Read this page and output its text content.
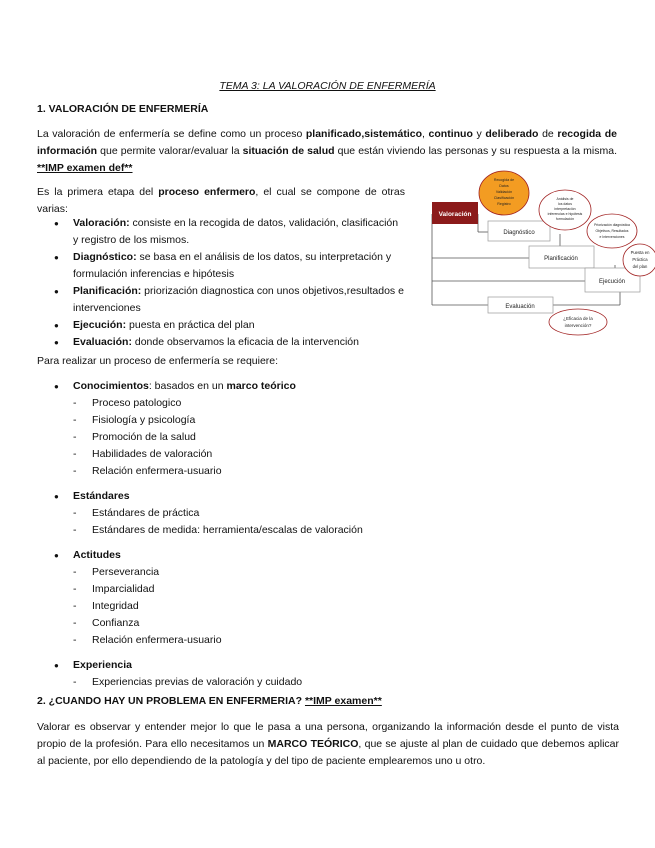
TEMA 3: LA VALORACIÓN DE ENFERMERÍA
1. VALORACIÓN DE ENFERMERÍA
La valoración de enfermería se define como un proceso planificado,sistemático, continuo y deliberado de recogida de información que permite valorar/evaluar la situación de salud que están viviendo las personas y su respuesta a la misma. **IMP examen def**
Es la primera etapa del proceso enfermero, el cual se compone de otras varias:
● Valoración: consiste en la recogida de datos, validación, clasificación y registro de los mismos.
● Diagnóstico: se basa en el análisis de los datos, su interpretación y formulación inferencias e hipótesis
● Planificación: priorización diagnostica con unos objetivos,resultados e intervenciones
● Ejecución: puesta en práctica del plan
● Evaluación: donde observamos la eficacia de la intervención
Valoración
Diagnóstico
Planificación
Ejecución
Evaluación
Recogida de
Datos
Validación
Clasificación
Registro
Análisis de
los datos
interpretación
inferencias e hipótesis
formulación
Priorización diagnóstica
Objetivos, Resultados
e Intervenciones
Puesta en
Práctica
del plan
¿Eficacia de la
intervención?
Para realizar un proceso de enfermería se requiere:
● Conocimientos: basados en un marco teórico
- Proceso patologico
- Fisiología y psicología
- Promoción de la salud
- Habilidades de valoración
- Relación enfermera-usuario
● Estándares
- Estándares de práctica
- Estándares de medida: herramienta/escalas de valoración
● Actitudes
- Perseverancia
- Imparcialidad
- Integridad
- Confianza
- Relación enfermera-usuario
● Experiencia
- Experiencias previas de valoración y cuidado
2. ¿CUANDO HAY UN PROBLEMA EN ENFERMERIA? **IMP examen**
Valorar es observar y entender mejor lo que le pasa a una persona, organizando la información desde el punto de vista propio de la profesión. Para ello necesitamos un MARCO TEÓRICO, que se ajuste al plan de cuidado que debemos aplicar al paciente, por ello dependiendo de la patología y del tipo de paciente emplearemos uno u otro.
